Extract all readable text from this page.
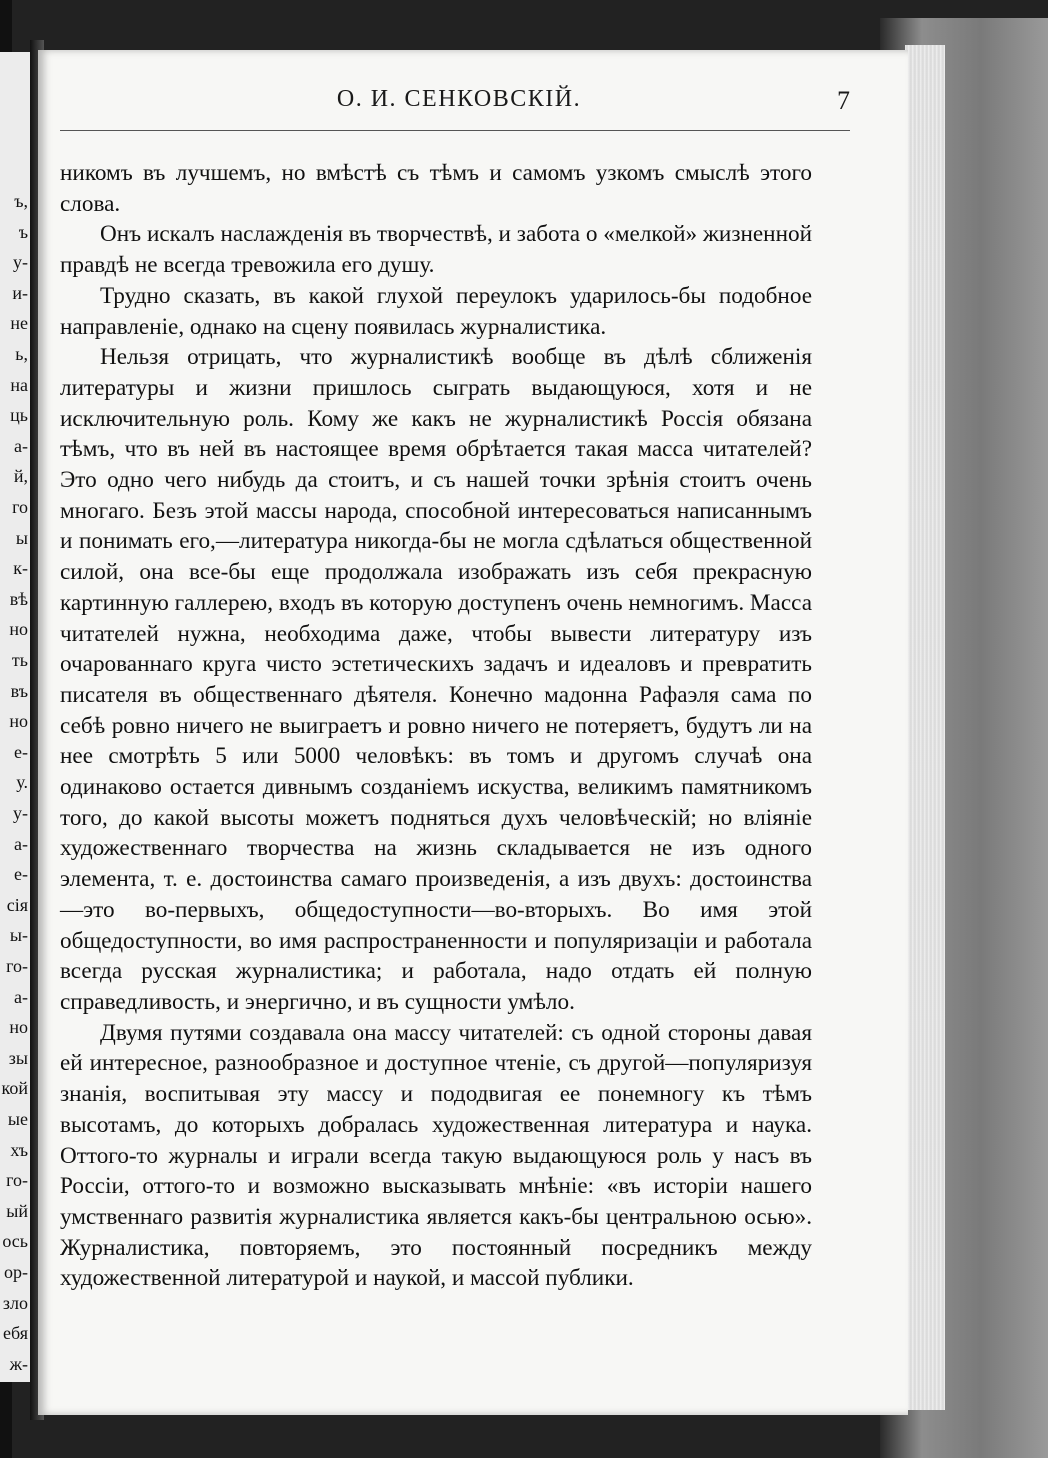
ъ,
ъ
у-
и-
не
ь,
на
ць
а-
й,
го
ы
к-
вѣ
но
ть
въ
но
е-
у.
у-
а-
е-
сія
ы-
го-
а-
но
зы
кой
ые
хъ
го-
ый
ось
ор-
зло
ебя
ж-
О. И. СЕНКОВСКІЙ.	7

никомъ въ лучшемъ, но вмѣстѣ съ тѣмъ и самомъ узкомъ смыслѣ этого слова.

Онъ искалъ наслажденія въ творчествѣ, и забота о «мелкой» жизненной правдѣ не всегда тревожила его душу.

Трудно сказать, въ какой глухой переулокъ ударилось-бы подобное направленіе, однако на сцену появилась журналистика.

Нельзя отрицать, что журналистикѣ вообще въ дѣлѣ сближенія литературы и жизни пришлось сыграть выдающуюся, хотя и не исключительную роль. Кому же какъ не журналистикѣ Россія обязана тѣмъ, что въ ней въ настоящее время обрѣтается такая масса читателей? Это одно чего нибудь да стоитъ, и съ нашей точки зрѣнія стоитъ очень многаго. Безъ этой массы народа, способной интересоваться написаннымъ и понимать его,—литература никогда-бы не могла сдѣлаться общественной силой, она все-бы еще продолжала изображать изъ себя прекрасную картинную галлерею, входъ въ которую доступенъ очень немногимъ. Масса читателей нужна, необходима даже, чтобы вывести литературу изъ очарованнаго круга чисто эстетическихъ задачъ и идеаловъ и превратить писателя въ общественнаго дѣятеля. Конечно мадонна Рафаэля сама по себѣ ровно ничего не выиграетъ и ровно ничего не потеряетъ, будутъ ли на нее смотрѣть 5 или 5000 человѣкъ: въ томъ и другомъ случаѣ она одинаково остается дивнымъ созданіемъ искуства, великимъ памятникомъ того, до какой высоты можетъ подняться духъ человѣческій; но вліяніе художественнаго творчества на жизнь складывается не изъ одного элемента, т. е. достоинства самаго произведенія, а изъ двухъ: достоинства—это во-первыхъ, общедоступности—во-вторыхъ. Во имя этой общедоступности, во имя распространенности и популяризаціи и работала всегда русская журналистика; и работала, надо отдать ей полную справедливость, и энергично, и въ сущности умѣло.

Двумя путями создавала она массу читателей: съ одной стороны давая ей интересное, разнообразное и доступное чтеніе, съ другой—популяризуя знанія, воспитывая эту массу и пододвигая ее понемногу къ тѣмъ высотамъ, до которыхъ добралась художественная литература и наука. Оттого-то журналы и играли всегда такую выдающуюся роль у насъ въ Россіи, оттого-то и возможно высказывать мнѣніе: «въ исторіи нашего умственнаго развитія журналистика является какъ-бы центральною осью». Журналистика, повторяемъ, это постоянный посредникъ между художественной литературой и наукой, и массой публики.
